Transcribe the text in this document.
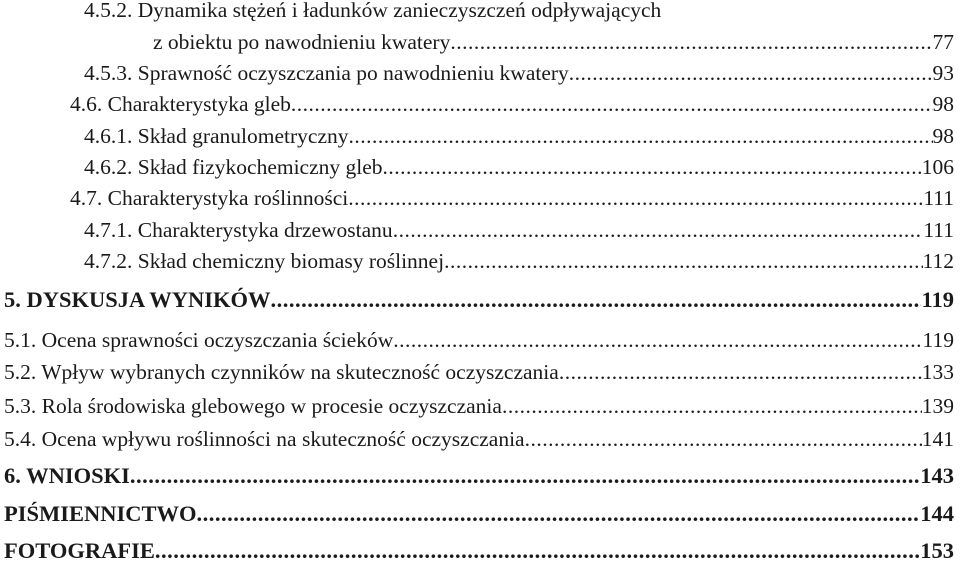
4.5.2. Dynamika stężeń i ładunków zanieczyszczeń odpływających
z obiektu po nawodnieniu kwatery .....	77
4.5.3. Sprawność oczyszczania po nawodnieniu kwatery .....	93
4.6. Charakterystyka gleb .....	98
4.6.1. Skład granulometryczny .....	98
4.6.2. Skład fizykochemiczny gleb .....	106
4.7. Charakterystyka roślinności .....	111
4.7.1. Charakterystyka drzewostanu .....	111
4.7.2. Skład chemiczny biomasy roślinnej .....	112
5. DYSKUSJA WYNIKÓW .....	119
5.1. Ocena sprawności oczyszczania ścieków .....	119
5.2. Wpływ wybranych czynników na skuteczność oczyszczania .....	133
5.3. Rola środowiska glebowego w procesie oczyszczania .....	139
5.4. Ocena wpływu roślinności na skuteczność oczyszczania .....	141
6. WNIOSKI .....	143
PIŚMIENNICTWO .....	144
FOTOGRAFIE .....	153
